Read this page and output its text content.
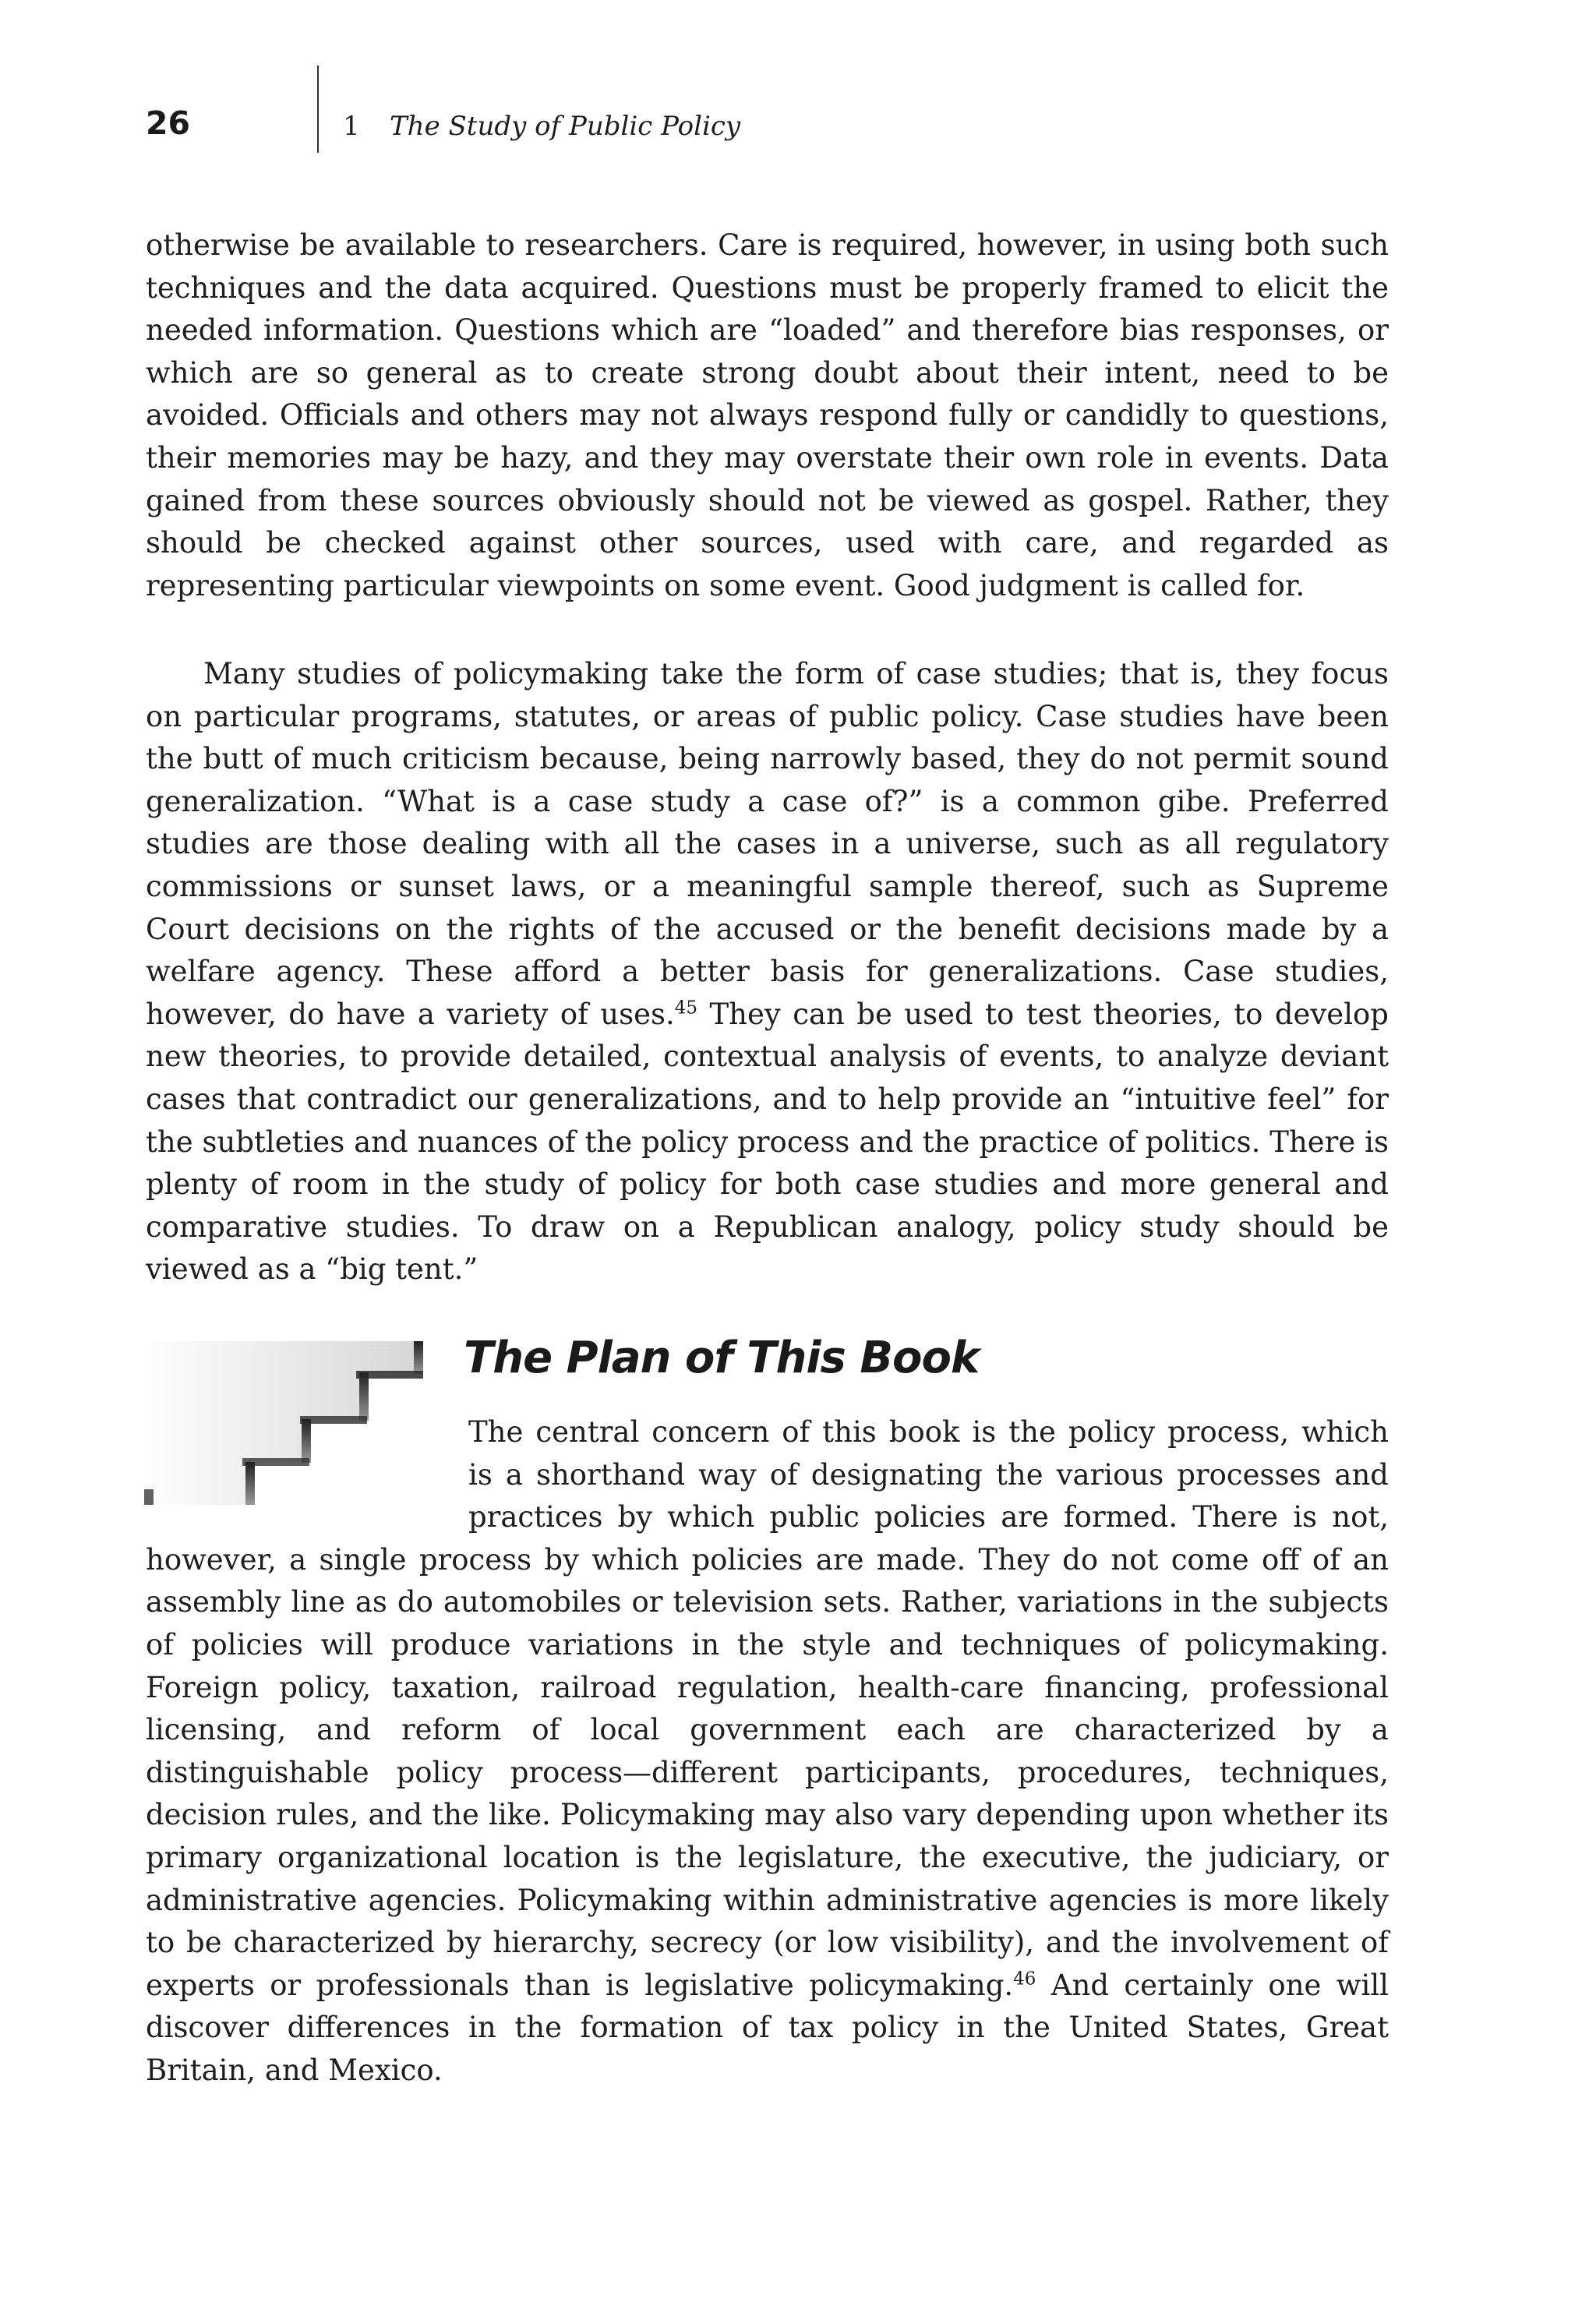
26	1 The Study of Public Policy

otherwise be available to researchers. Care is required, however, in using both such techniques and the data acquired. Questions must be properly framed to elicit the needed information. Questions which are “loaded” and therefore bias responses, or which are so general as to create strong doubt about their intent, need to be avoided. Officials and others may not always respond fully or candidly to questions, their memories may be hazy, and they may overstate their own role in events. Data gained from these sources obviously should not be viewed as gospel. Rather, they should be checked against other sources, used with care, and regarded as representing particular viewpoints on some event. Good judgment is called for.

Many studies of policymaking take the form of case studies; that is, they focus on particular programs, statutes, or areas of public policy. Case studies have been the butt of much criticism because, being narrowly based, they do not permit sound generalization. “What is a case study a case of?” is a common gibe. Preferred studies are those dealing with all the cases in a universe, such as all regulatory commissions or sunset laws, or a meaningful sample thereof, such as Supreme Court decisions on the rights of the accused or the benefit decisions made by a welfare agency. These afford a better basis for generalizations. Case studies, however, do have a variety of uses.$^{45}$ They can be used to test theories, to develop new theories, to provide detailed, contextual analysis of events, to analyze deviant cases that contradict our generalizations, and to help provide an “intuitive feel” for the subtleties and nuances of the policy process and the practice of politics. There is plenty of room in the study of policy for both case studies and more general and comparative studies. To draw on a Republican analogy, policy study should be viewed as a “big tent.”

The Plan of This Book

The central concern of this book is the policy process, which is a shorthand way of designating the various processes and practices by which public policies are formed. There is not, however, a single process by which policies are made. They do not come off of an assembly line as do automobiles or television sets. Rather, variations in the subjects of policies will produce variations in the style and techniques of policymaking. Foreign policy, taxation, railroad regulation, health-care financing, professional licensing, and reform of local government each are characterized by a distinguishable policy process—different participants, procedures, techniques, decision rules, and the like. Policymaking may also vary depending upon whether its primary organizational location is the legislature, the executive, the judiciary, or administrative agencies. Policymaking within administrative agencies is more likely to be characterized by hierarchy, secrecy (or low visibility), and the involvement of experts or professionals than is legislative policymaking.$^{46}$ And certainly one will discover differences in the formation of tax policy in the United States, Great Britain, and Mexico.
